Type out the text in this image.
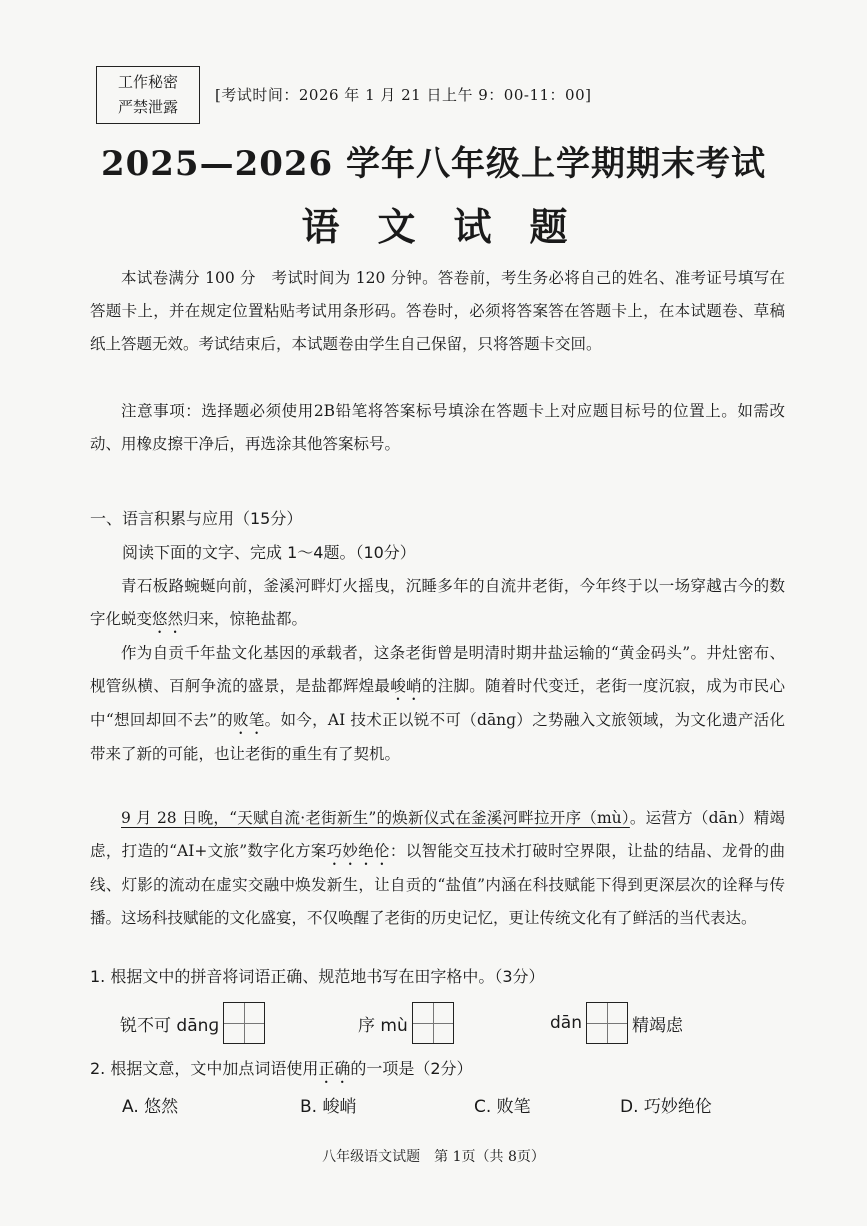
工作秘密
严禁泄露
[考试时间：2026 年 1 月 21 日上午 9：00-11：00]
2025—2026 学年八年级上学期期末考试
语文试题
本试卷满分 100 分　考试时间为 120 分钟。答卷前，考生务必将自己的姓名、准考证号填写在答题卡上，并在规定位置粘贴考试用条形码。答卷时，必须将答案答在答题卡上，在本试题卷、草稿纸上答题无效。考试结束后，本试题卷由学生自己保留，只将答题卡交回。
注意事项：选择题必须使用2B铅笔将答案标号填涂在答题卡上对应题目标号的位置上。如需改动、用橡皮擦干净后，再选涂其他答案标号。
一、语言积累与应用（15分）
阅读下面的文字、完成 1～4题。（10分）
青石板路蜿蜒向前，釜溪河畔灯火摇曳，沉睡多年的自流井老街，今年终于以一场穿越古今的数字化蜕变悠然归来，惊艳盐都。
作为自贡千年盐文化基因的承载者，这条老街曾是明清时期井盐运输的“黄金码头”。井灶密布、枧管纵横、百舸争流的盛景，是盐都辉煌最峻峭的注脚。随着时代变迁，老街一度沉寂，成为市民心中“想回却回不去”的败笔。如今，AI 技术正以锐不可（dānɡ）之势融入文旅领域，为文化遗产活化带来了新的可能，也让老街的重生有了契机。
9 月 28 日晚，“天赋自流·老街新生”的焕新仪式在釜溪河畔拉开序（mù）。运营方（dān）精竭虑，打造的“AI+文旅”数字化方案巧妙绝伦：以智能交互技术打破时空界限，让盐的结晶、龙骨的曲线、灯影的流动在虚实交融中焕发新生，让自贡的“盐值”内涵在科技赋能下得到更深层次的诠释与传播。这场科技赋能的文化盛宴，不仅唤醒了老街的历史记忆，更让传统文化有了鲜活的当代表达。
1. 根据文中的拼音将词语正确、规范地书写在田字格中。（3分）
锐不可 dānɡ	序 mù	dān	精竭虑
2. 根据文意，文中加点词语使用正确的一项是（2分）
A. 悠然	B. 峻峭	C. 败笔	D. 巧妙绝伦
八年级语文试题　第 1页（共 8页）
